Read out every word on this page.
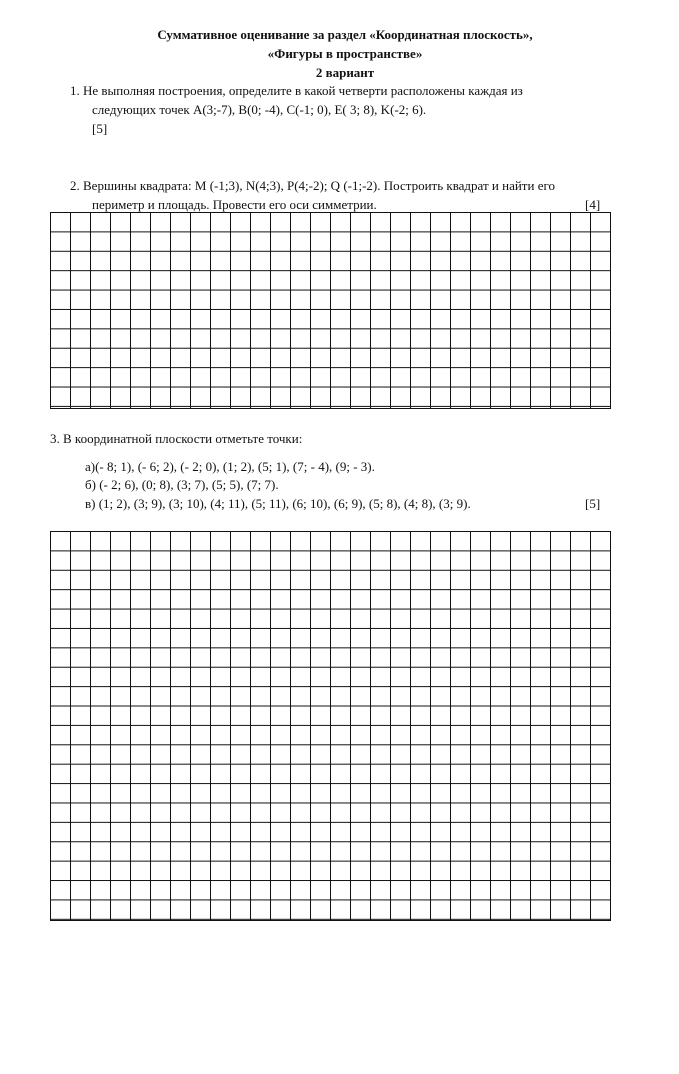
Суммативное оценивание за раздел «Координатная плоскость»,
«Фигуры в пространстве»
2 вариант
1. Не выполняя построения, определите в какой четверти расположены каждая из
следующих точек A(3;-7), B(0; -4), C(-1; 0), E( 3; 8), K(-2; 6).
[5]
2. Вершины квадрата: M (-1;3), N(4;3), P(4;-2); Q (-1;-2). Построить квадрат и найти его
периметр и площадь. Провести его оси симметрии.	[4]
3. В координатной плоскости отметьте точки:
а)(- 8; 1), (- 6; 2), (- 2; 0), (1; 2), (5; 1), (7; - 4), (9; - 3).
б) (- 2; 6), (0; 8), (3; 7), (5; 5), (7; 7).
в) (1; 2), (3; 9), (3; 10), (4; 11), (5; 11), (6; 10), (6; 9), (5; 8), (4; 8), (3; 9).	[5]
